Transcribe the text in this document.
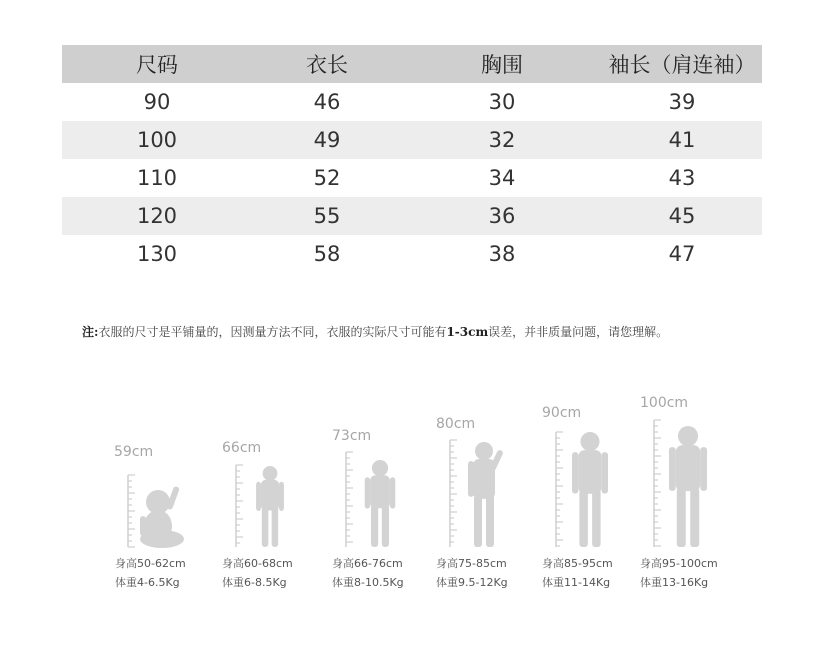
尺码	衣长	胸围	袖长（肩连袖）
90	46	30	39
100	49	32	41
110	52	34	43
120	55	36	45
130	58	38	47
注:衣服的尺寸是平铺量的，因测量方法不同，衣服的实际尺寸可能有1-3cm误差，并非质量问题，请您理解。
59cm
身高50-62cm
体重4-6.5Kg
66cm
身高60-68cm
体重6-8.5Kg
73cm
身高66-76cm
体重8-10.5Kg
80cm
身高75-85cm
体重9.5-12Kg
90cm
身高85-95cm
体重11-14Kg
100cm
身高95-100cm
体重13-16Kg
